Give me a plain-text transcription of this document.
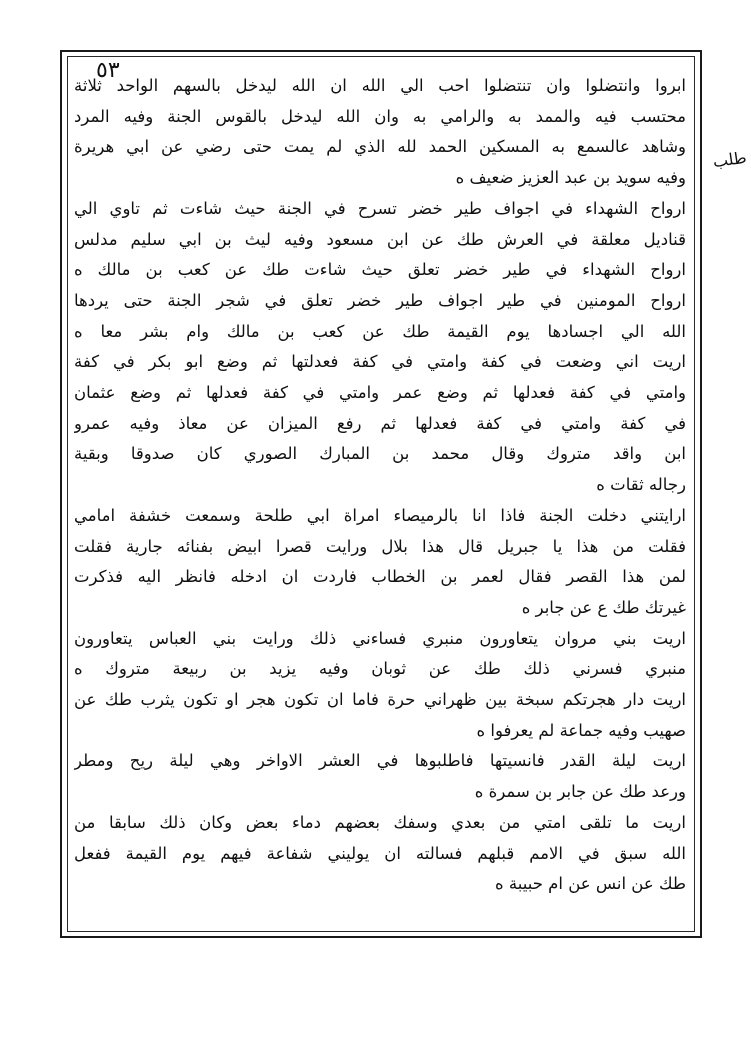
٥٣
طلب
ابروا وانتضلوا وان تنتضلوا احب الي الله ان الله ليدخل بالسهم الواحد ثلاثة
محتسب فيه والممد به والرامي به وان الله ليدخل بالقوس الجنة وفيه المرد
وشاهد عالسمع به المسكين الحمد لله الذي لم يمت حتى رضي عن ابي هريرة
وفيه سويد بن عبد العزيز ضعيف ه
ارواح الشهداء في اجواف طير خضر تسرح في الجنة حيث شاءت ثم تاوي الي
قناديل معلقة في العرش طك عن ابن مسعود وفيه ليث بن ابي سليم مدلس
ارواح الشهداء في طير خضر تعلق حيث شاءت طك عن كعب بن مالك ه
ارواح المومنين في طير اجواف طير خضر تعلق في شجر الجنة حتى يردها
الله الي اجسادها يوم القيمة طك عن كعب بن مالك وام بشر معا ه
اريت اني وضعت في كفة وامتي في كفة فعدلتها ثم وضع ابو بكر في كفة
وامتي في كفة فعدلها ثم وضع عمر وامتي في كفة فعدلها ثم وضع عثمان
في كفة وامتي في كفة فعدلها ثم رفع الميزان عن معاذ وفيه عمرو
ابن واقد متروك وقال محمد بن المبارك الصوري كان صدوقا وبقية
رجاله ثقات ه
ارايتني دخلت الجنة فاذا انا بالرميصاء امراة ابي طلحة وسمعت خشفة امامي
فقلت من هذا يا جبريل قال هذا بلال ورايت قصرا ابيض بفنائه جارية فقلت
لمن هذا القصر فقال لعمر بن الخطاب فاردت ان ادخله فانظر اليه فذكرت
غيرتك طك ع عن جابر ه
اريت بني مروان يتعاورون منبري فساءني ذلك ورايت بني العباس يتعاورون
منبري فسرني ذلك طك عن ثوبان وفيه يزيد بن ربيعة متروك ه
اريت دار هجرتكم سبخة بين ظهراني حرة فاما ان تكون هجر او تكون يثرب طك عن
صهيب وفيه جماعة لم يعرفوا ه
اريت ليلة القدر فانسيتها فاطلبوها في العشر الاواخر وهي ليلة ريح ومطر
ورعد طك عن جابر بن سمرة ه
اريت ما تلقى امتي من بعدي وسفك بعضهم دماء بعض وكان ذلك سابقا من
الله سبق في الامم قبلهم فسالته ان يوليني شفاعة فيهم يوم القيمة ففعل
طك عن انس عن ام حبيبة ه
